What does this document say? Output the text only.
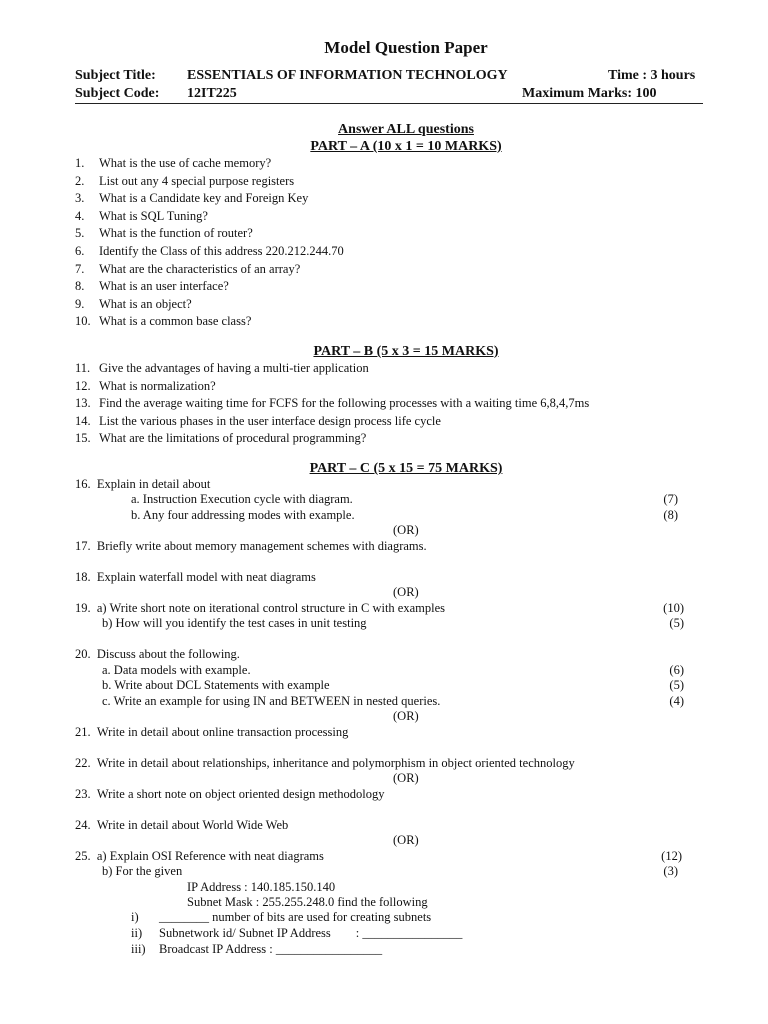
Model Question Paper
Subject Title: ESSENTIALS OF INFORMATION TECHNOLOGY	Time : 3 hours
Subject Code: 12IT225	Maximum Marks: 100
Answer ALL questions
PART – A (10 x 1 = 10 MARKS)
1. What is the use of cache memory?
2. List out any 4 special purpose registers
3. What is a Candidate key and Foreign Key
4. What is SQL Tuning?
5. What is the function of router?
6. Identify the Class of this address 220.212.244.70
7. What are the characteristics of an array?
8. What is an user interface?
9. What is an object?
10. What is a common base class?
PART – B (5 x 3 = 15 MARKS)
11. Give the advantages of having a multi-tier application
12. What is normalization?
13. Find the average waiting time for FCFS for the following processes with a waiting time 6,8,4,7ms
14. List the various phases in the user interface design process life cycle
15. What are the limitations of procedural programming?
PART – C (5 x 15 = 75 MARKS)
16.  Explain in detail about
a. Instruction Execution cycle with diagram.	(7)
b. Any four addressing modes with example.	(8)
(OR)
17.  Briefly write about memory management schemes with diagrams.
18.  Explain waterfall model with neat diagrams
(OR)
19.  a) Write short note on iterational control structure in C with examples	(10)
b) How will you identify the test cases in unit testing	(5)
20.  Discuss about the following.
a. Data models with example.	(6)
b. Write about DCL Statements with example	(5)
c. Write an example for using IN and BETWEEN in nested queries.	(4)
(OR)
21.  Write in detail about online transaction processing
22.  Write in detail about relationships, inheritance and polymorphism in object oriented technology
(OR)
23.  Write a short note on object oriented design methodology
24.  Write in detail about World Wide Web
(OR)
25.  a) Explain OSI Reference with neat diagrams	(12)
b) For the given	(3)
IP Address : 140.185.150.140
Subnet Mask : 255.255.248.0 find the following
i) ________ number of bits are used for creating subnets
ii) Subnetwork id/ Subnet IP Address        : ________________
iii) Broadcast IP Address : _________________
